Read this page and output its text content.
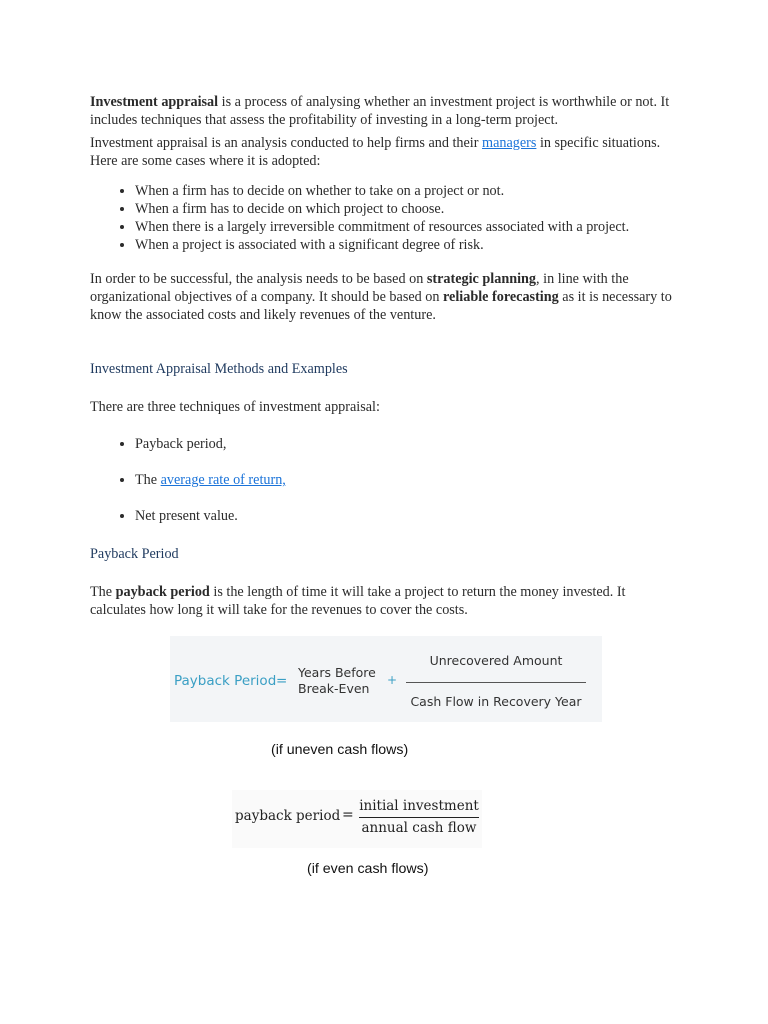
Investment appraisal is a process of analysing whether an investment project is worthwhile or not. It includes techniques that assess the profitability of investing in a long-term project.

Investment appraisal is an analysis conducted to help firms and their managers in specific situations. Here are some cases where it is adopted:

• When a firm has to decide on whether to take on a project or not.
• When a firm has to decide on which project to choose.
• When there is a largely irreversible commitment of resources associated with a project.
• When a project is associated with a significant degree of risk.

In order to be successful, the analysis needs to be based on strategic planning, in line with the organizational objectives of a company. It should be based on reliable forecasting as it is necessary to know the associated costs and likely revenues of the venture.

Investment Appraisal Methods and Examples

There are three techniques of investment appraisal:

• Payback period,
• The average rate of return,
• Net present value.
Payback Period

The payback period is the length of time it will take a project to return the money invested. It calculates how long it will take for the revenues to cover the costs.

Payback Period =
Years Before
Break-Even
+
Unrecovered Amount
Cash Flow in Recovery Year
(if uneven cash flows)
payback period =
initial investment
annual cash flow
(if even cash flows)
